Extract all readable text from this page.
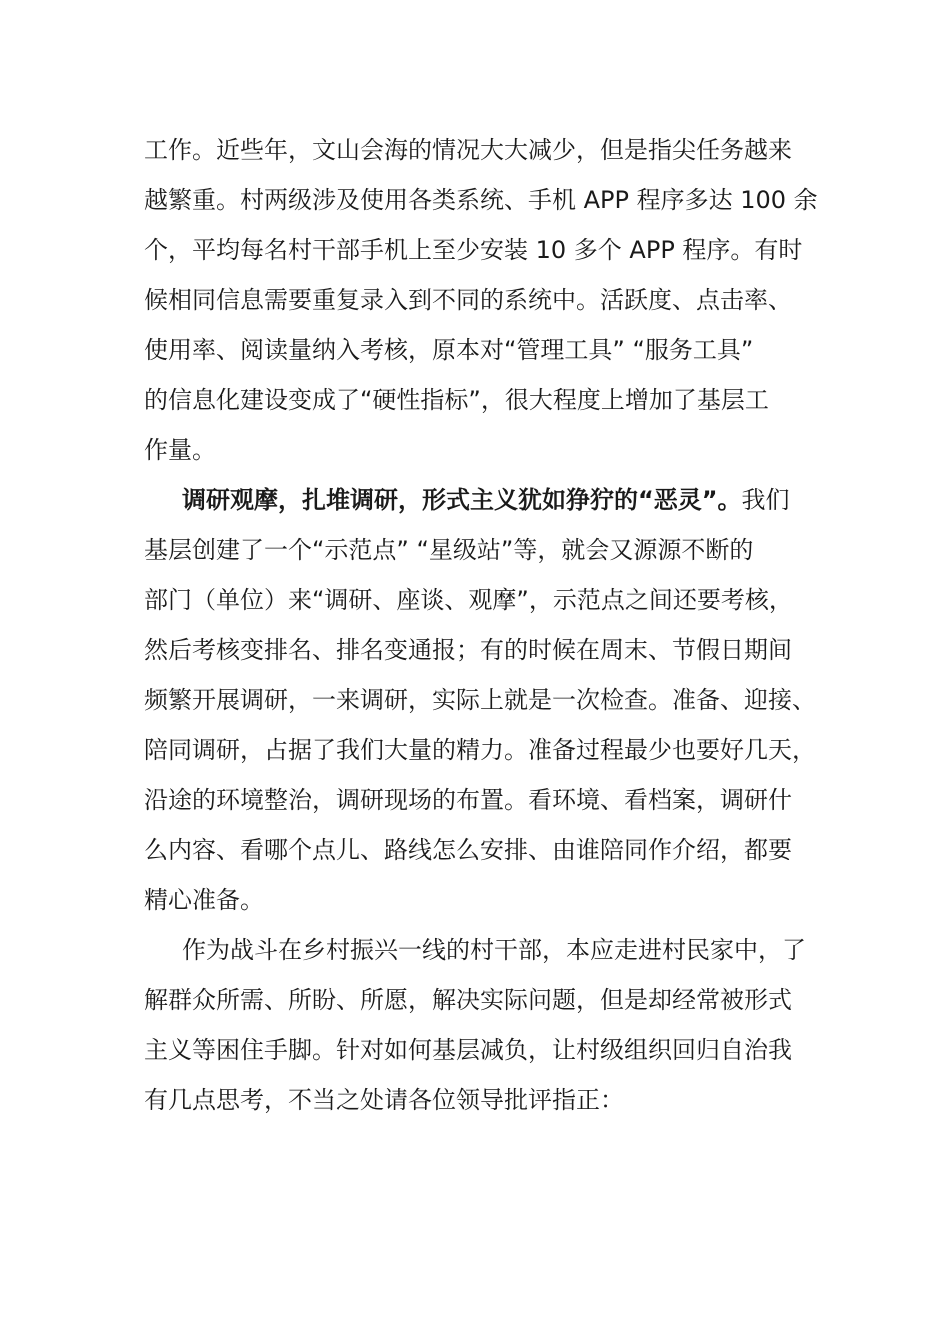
工作。近些年，文山会海的情况大大减少，但是指尖任务越来
越繁重。村两级涉及使用各类系统、手机 APP 程序多达 100 余
个，平均每名村干部手机上至少安装 10 多个 APP 程序。有时
候相同信息需要重复录入到不同的系统中。活跃度、点击率、
使用率、阅读量纳入考核，原本对“管理工具” “服务工具”
的信息化建设变成了“硬性指标”，很大程度上增加了基层工
作量。
调研观摩，扎堆调研，形式主义犹如狰狞的“恶灵”。我们
基层创建了一个“示范点” “星级站”等，就会又源源不断的
部门（单位）来“调研、座谈、观摩”，示范点之间还要考核，
然后考核变排名、排名变通报；有的时候在周末、节假日期间
频繁开展调研，一来调研，实际上就是一次检查。准备、迎接、
陪同调研，占据了我们大量的精力。准备过程最少也要好几天，
沿途的环境整治，调研现场的布置。看环境、看档案，调研什
么内容、看哪个点儿、路线怎么安排、由谁陪同作介绍，都要
精心准备。
作为战斗在乡村振兴一线的村干部，本应走进村民家中，了
解群众所需、所盼、所愿，解决实际问题，但是却经常被形式
主义等困住手脚。针对如何基层减负，让村级组织回归自治我
有几点思考，不当之处请各位领导批评指正：
